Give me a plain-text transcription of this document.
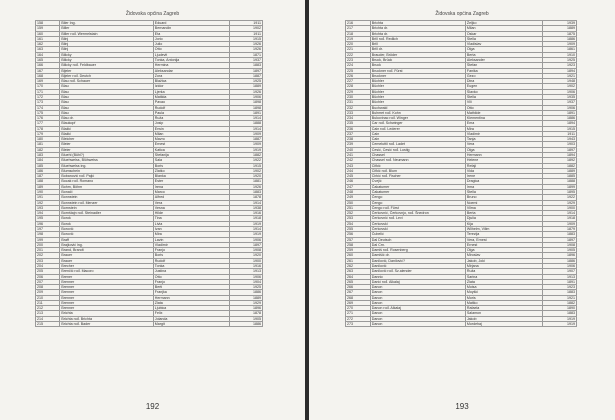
Židovska općina Zagreb
158	Biler Ing.	Eduard	1911
159	Biller	Bernandin	1902
160	Biller rođ. Wermelstain	Eta	1911
161	Bilnj	Jorio	1915
162	Bilnj	Julio	1926
163	Bilnj	Otto	1926
164	Bilicky	Ljudevit	1871
165	Bilicky	Tonka, Antonija	1937
166	Bilicky rođ. Feldbauer	Hermina	1883
167	Bijeler	Aleksandar	1897
168	Bijeler rođ. Deutch	Zora	1887
169	Blau rođ. Schauer	Blažica	1925
170	Blau	Izidor	1889
171	Blau	Ljerka	1926
172	Blau	Matilda	1906
173	Blau	Pavao	1898
174	Blau	Rudolf	1898
175	Blau	Paula	1891
176	Blau dr.	Ruža	1914
177	Blaukopf	Josip	1888
178	Blažić	Erwin	1914
179	Blažić	Milan	1909
180	Bleicher	Mavro	1887
181	Bleier	Ernest	1909
182	Bleier	Katica	1919
183	Bluehl (Bühl?)	Stefanija	1882
184	Bluehwelss, Blühweiss	Sala	1922
185	Bluehwelss ing.	Boris	1915
186	Blumschein	Zlatko	1902
187	Bobanović rođ. Pajić	Blanka	1920
188	Bocak rođ. Romano	Ester	1881
189	Bohm, Böhm	Irena	1926
190	Bonači	Marco	1883
191	Bonnstein	Alfred	1878
192	Bonnstein rođ. Menzer	Vera	1914
193	Bornstein	Vesna	1938
194	Bornštajn rođ. Steinadler	Hilde	1916
195	Borok	Tina	1918
196	Borok	Livia	1919
197	Borović	Ivan	1914
198	Borović	Mira	1919
199	Braff	Lavin	1906
200	Brajković ing.	Vladimir	1897
201	Brand, Brandt	Franjo	1908
202	Brauer	Boris	1920
203	Brauer	Rudolf	1900
204	Brecher	Tonka	1916
205	Brenčić rođ. Macoro	Justina	1913
206	Brener	Otto	1906
207	Brenner	Franjo	1904
208	Brenner	Berti	1925
209	Brenner	Franjka	1886
210	Brenner	Hermann	1889
211	Brenner	Zlata	1929
212	Brenner	Ljubica	1896
213	Brichta	Felix	1878
214	Brichta rođ. Brichta	Jolanda	1905
215	Brichta rođ. Bader	Margit	1886
192
Židovska općina Zagreb
216	Brichta	Željko	1939
217	Brichta dr.	Milan	1889
218	Brichta dr.	Oskar	1875
219	Brill rođ. Redlich	Stella	1886
220	Brill	Vladislav	1909
221	Brill dr.	Olga	1861
222	Brauder, Bröder	Berta	1910
223	Bruck, Brück	Aleksander	1925
224	Bruck	Stefan	1923
225	Bruckner rođ. Fürst	Fanika	1894
226	Bruckner	Gezo	1921
227	Büchler	Dina	1948
228	Büchler	Eugen	1902
229	Büchler	Slavko	1906
230	Büchler	Stella	1935
231	Büchler	Vili	1937
232	Buchwald	Otto	1906
233	Buhmet rođ. Kohn	Mathilde	1891
234	Bukovinac rođ. Winger	Klementina	1886
235	Car rođ. Schwinger	Ema	1894
236	Cain rođ. Lederer	Mira	1915
237	Cain	Vladimir	1911
238	Cain	Tanja	1943
239	Cemeluttii rođ. Ladet	Vera	1903
240	Cesić, Cesić rođ. Lustig	Olga	1897
241	Chassel	Hermann	1894
242	Chassel rođ. Neumann	Helene	1892
243	Cifkić	Refaji	1882
244	Cifkić rođ. Blum	Vida	1889
245	Cirkić rođ. Fischer	Irene	1885
246	Cvejić	Dragica	1888
247	Čakatumer	Irma	1899
248	Čakatumer	Stella	1895
249	Čengo	Bruno	1922
250	Čengo	Noemi	1929
251	Čengo rođ. Fürst	Vilma	1900
252	Čerkovnić, Čerkovnjo, rođ. Šnedron	Berta	1914
253	Čerkovnić rođ. Levi	Djulia	1918
254	Čerkovski	Kija	1909
255	Čerkovski	Wilhelm, Vilim	1879
256	Čubelić	Terezija	1883
257	Dal Deutsch	Vera, Ernest	1897
258	Dal Crn.	Ernest	1908
259	Damiš rođ. Rosenberg	Olga	1905
260	Damišić dr.	Miroslav	1896
261	Danilović, Danilović?	Jakob, Joki	1886
262	Danilović	Mirjana	1906
263	Danilović rođ. Sz.alender	Ruža	1907
264	Dannic	Sarina	1913
265	Danić rođ. Alkalaj	Zlata	1891
266	Danon	Moisa	1923
267	Danon	Moyšić	1883
268	Danon	Moris	1921
269	Danon	Matiko	1882
270	Danon rođ. Alkalaj	Rafaela	1890
271	Danon	Salamon	1883
272	Danon	Jakob	1919
273	Danon	Mordehaj	1919
193
